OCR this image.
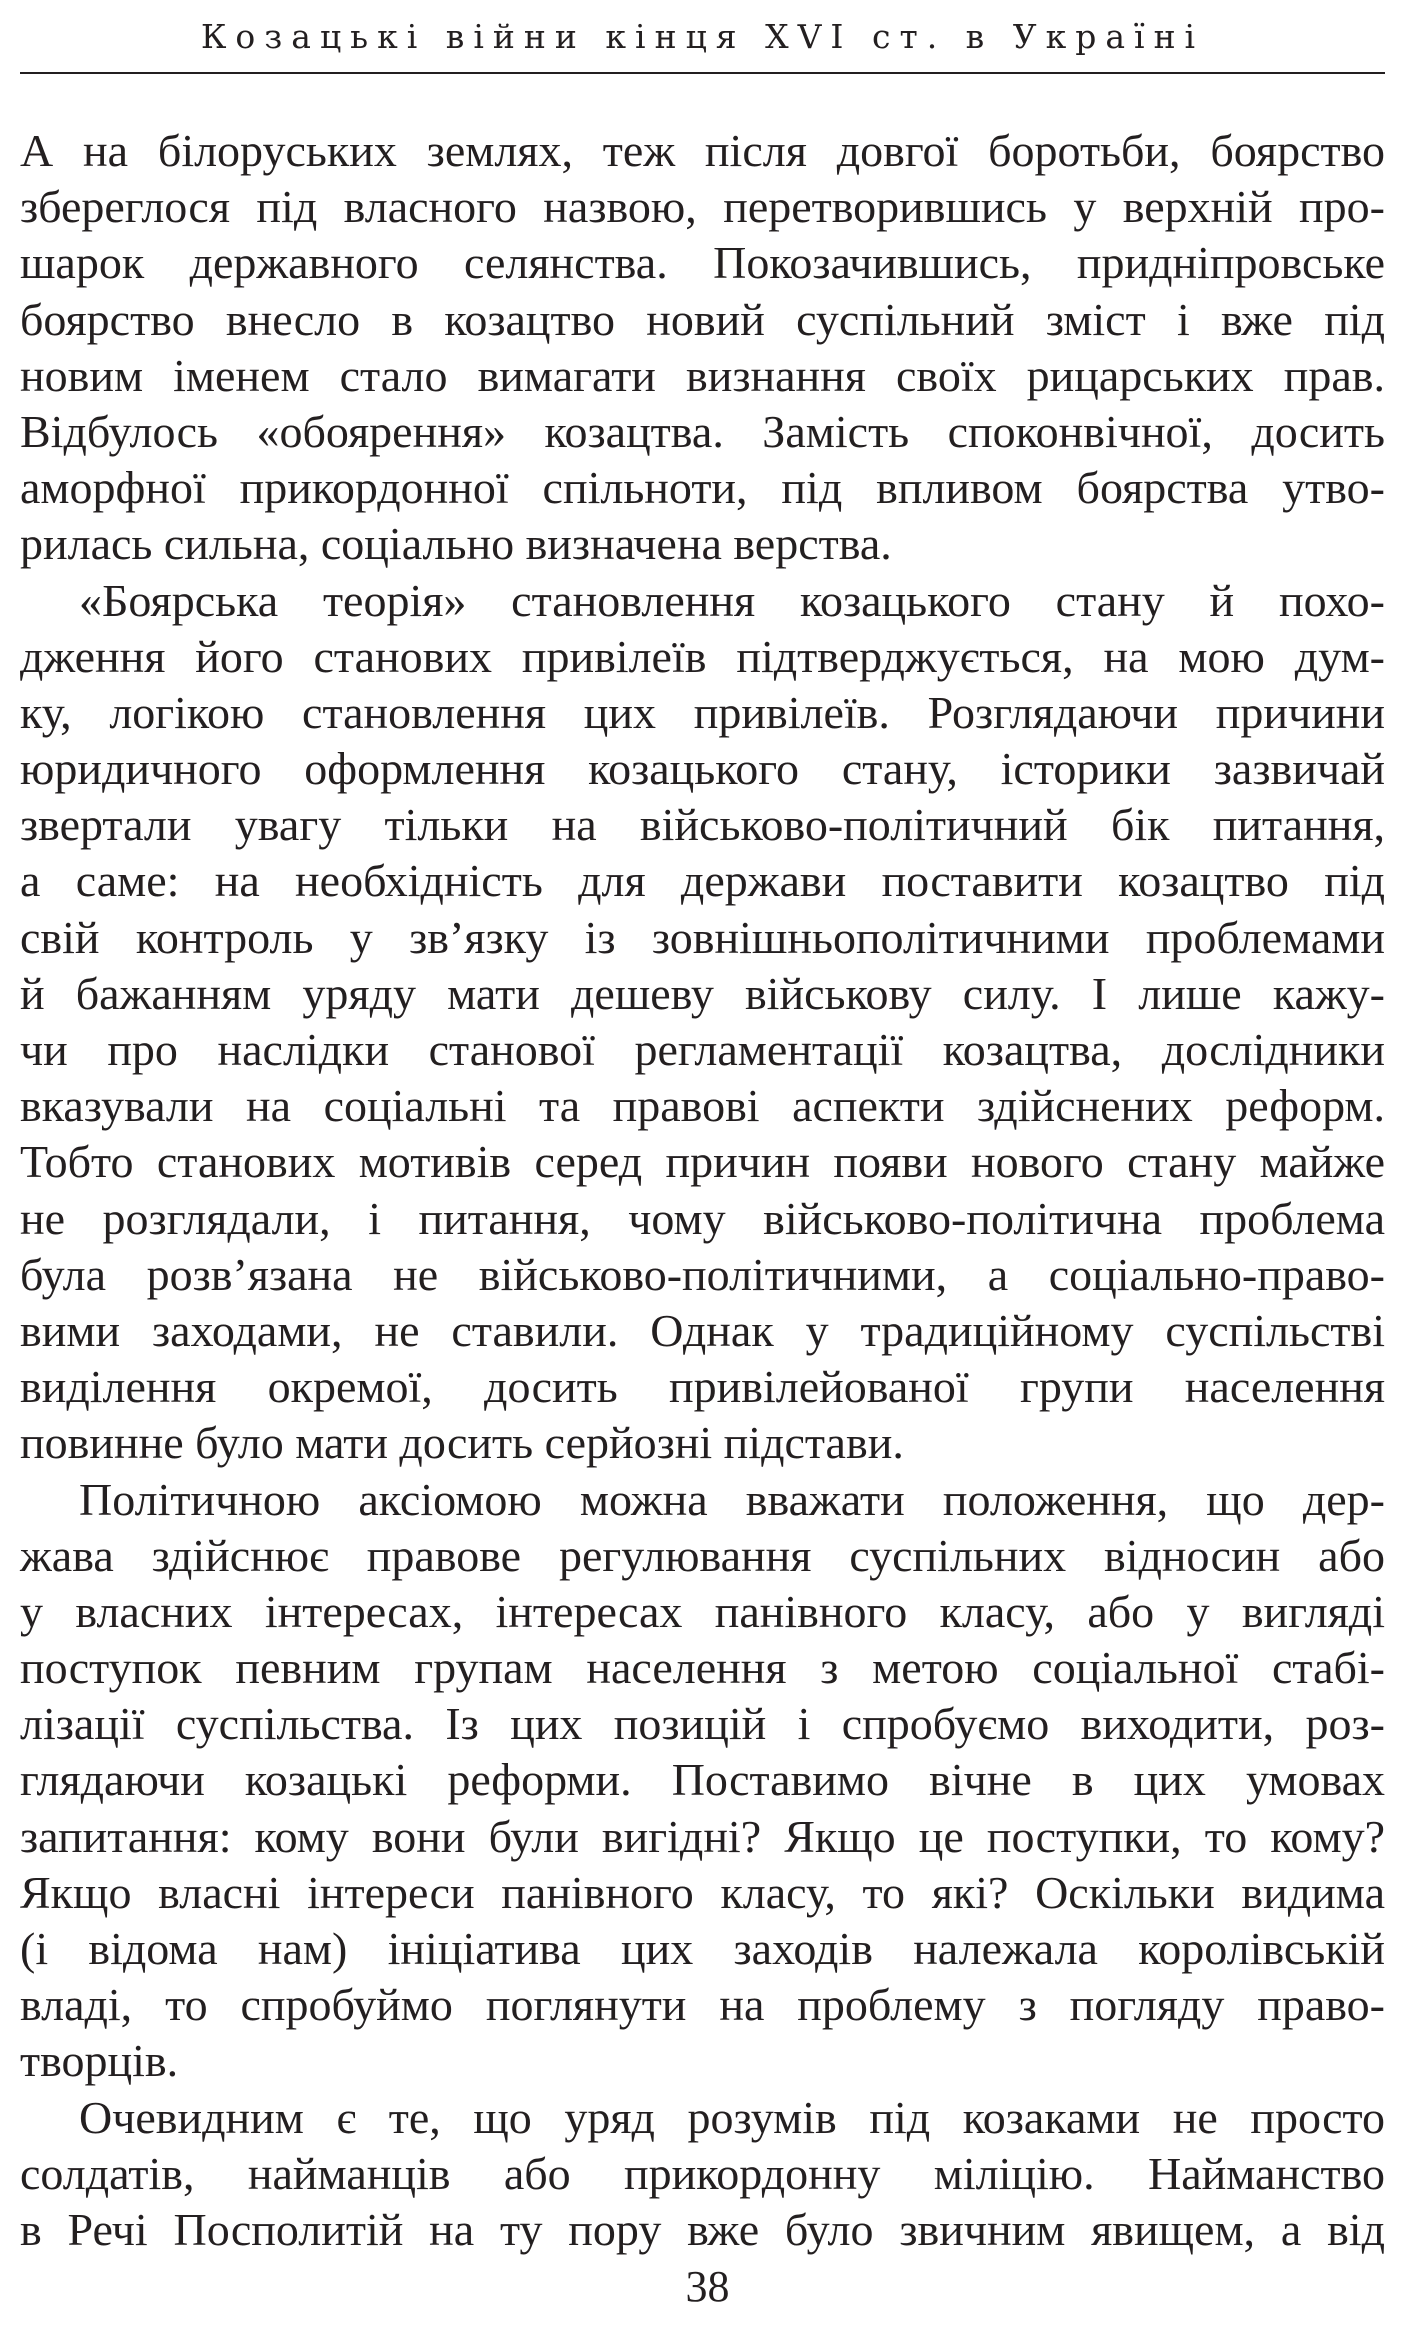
Козацькі війни кінця XVI ст. в Україні
А на білоруських землях, теж після довгої боротьби, боярство
збереглося під власного назвою, перетворившись у верхній про-
шарок державного селянства. Покозачившись, придніпровське
боярство внесло в козацтво новий суспільний зміст і вже під
новим іменем стало вимагати визнання своїх рицарських прав.
Відбулось «обоярення» козацтва. Замість споконвічної, досить
аморфної прикордонної спільноти, під впливом боярства утво-
рилась сильна, соціально визначена верства.
«Боярська теорія» становлення козацького стану й похо-
дження його станових привілеїв підтверджується, на мою дум-
ку, логікою становлення цих привілеїв. Розглядаючи причини
юридичного оформлення козацького стану, історики зазвичай
звертали увагу тільки на військово-політичний бік питання,
а саме: на необхідність для держави поставити козацтво під
свій контроль у зв’язку із зовнішньополітичними проблемами
й бажанням уряду мати дешеву військову силу. І лише кажу-
чи про наслідки станової регламентації козацтва, дослідники
вказували на соціальні та правові аспекти здійснених реформ.
Тобто станових мотивів серед причин появи нового стану майже
не розглядали, і питання, чому військово-політична проблема
була розв’язана не військово-політичними, а соціально-право-
вими заходами, не ставили. Однак у традиційному суспільстві
виділення окремої, досить привілейованої групи населення
повинне було мати досить серйозні підстави.
Політичною аксіомою можна вважати положення, що дер-
жава здійснює правове регулювання суспільних відносин або
у власних інтересах, інтересах панівного класу, або у вигляді
поступок певним групам населення з метою соціальної стабі-
лізації суспільства. Із цих позицій і спробуємо виходити, роз-
глядаючи козацькі реформи. Поставимо вічне в цих умовах
запитання: кому вони були вигідні? Якщо це поступки, то кому?
Якщо власні інтереси панівного класу, то які? Оскільки видима
(і відома нам) ініціатива цих заходів належала королівській
владі, то спробуймо поглянути на проблему з погляду право-
творців.
Очевидним є те, що уряд розумів під козаками не просто
солдатів, найманців або прикордонну міліцію. Найманство
в Речі Посполитій на ту пору вже було звичним явищем, а від
38
